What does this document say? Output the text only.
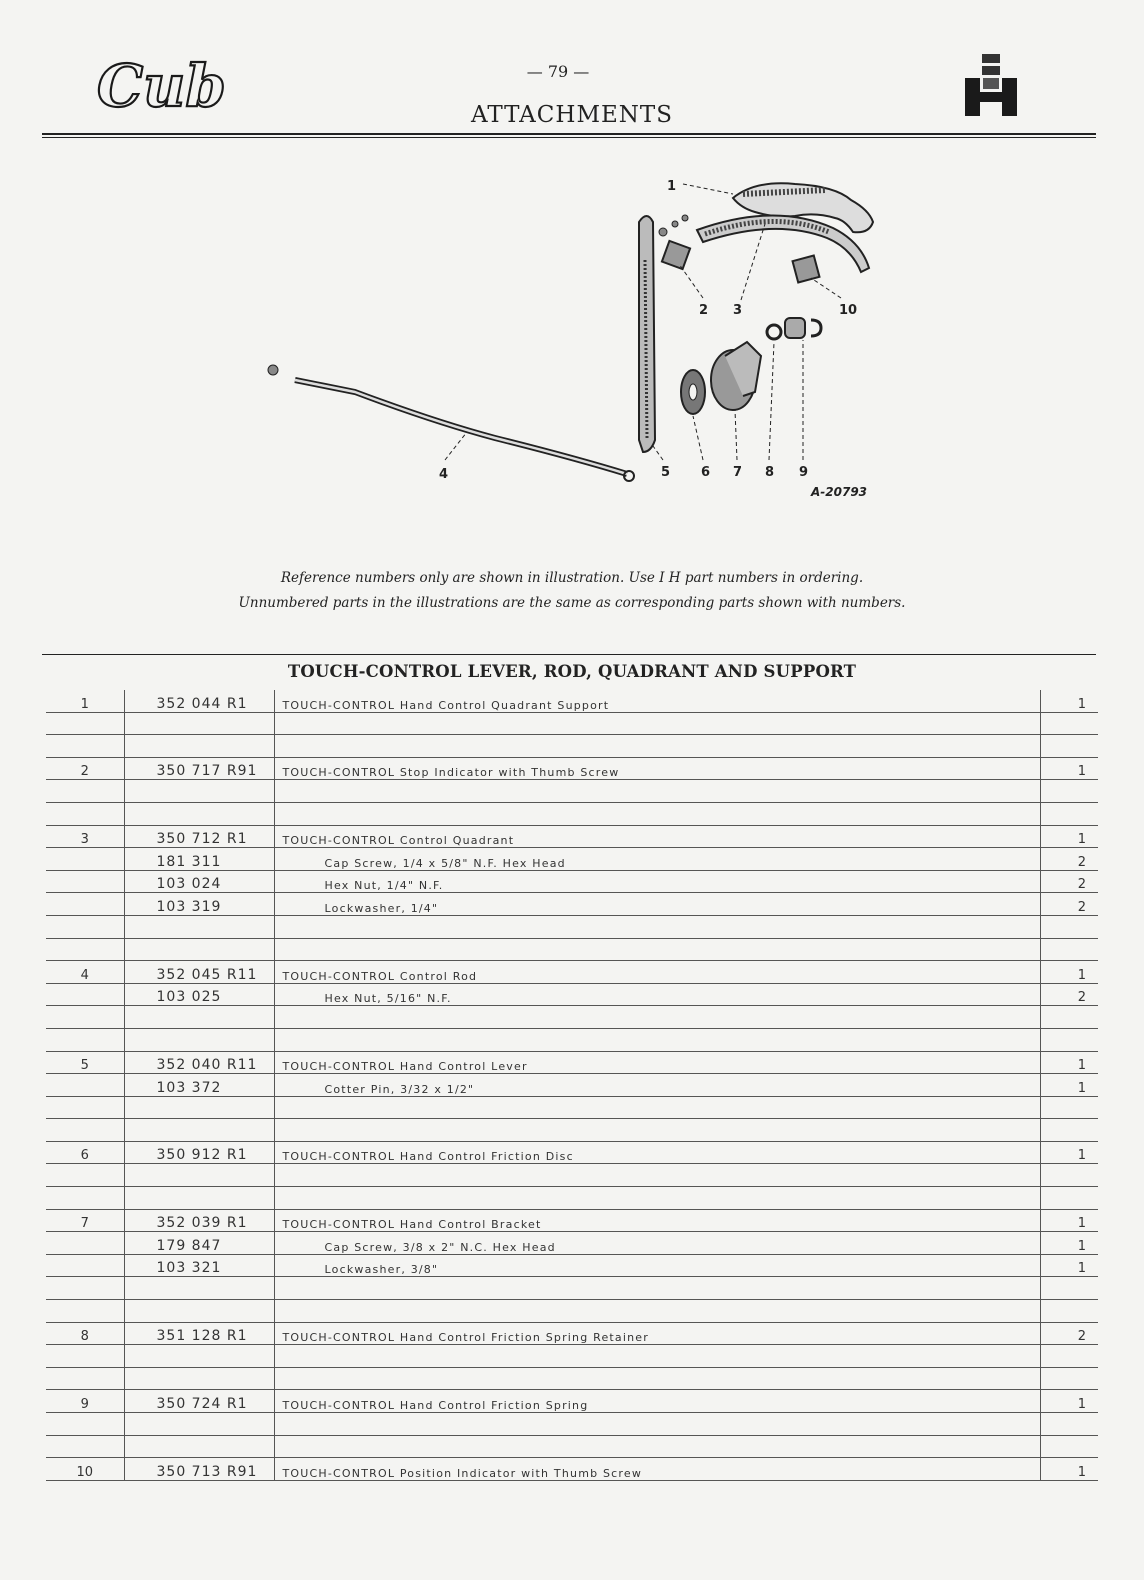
Cub	— 79 —
ATTACHMENTS	IH
1
2 3
4	5 6 7 8 9
10
A-20793
Reference numbers only are shown in illustration. Use I H part numbers in ordering.
Unnumbered parts in the illustrations are the same as corresponding parts shown with numbers.
TOUCH-CONTROL LEVER, ROD, QUADRANT AND SUPPORT
1	352 044 R1	TOUCH-CONTROL Hand Control Quadrant Support	1

2	350 717 R91	TOUCH-CONTROL Stop Indicator with Thumb Screw	1

3	350 712 R1	TOUCH-CONTROL Control Quadrant	1
	181 311	Cap Screw, 1/4 x 5/8" N.F. Hex Head	2
	103 024	Hex Nut, 1/4" N.F.	2
	103 319	Lockwasher, 1/4"	2

4	352 045 R11	TOUCH-CONTROL Control Rod	1
	103 025	Hex Nut, 5/16" N.F.	2

5	352 040 R11	TOUCH-CONTROL Hand Control Lever	1
	103 372	Cotter Pin, 3/32 x 1/2"	1

6	350 912 R1	TOUCH-CONTROL Hand Control Friction Disc	1

7	352 039 R1	TOUCH-CONTROL Hand Control Bracket	1
	179 847	Cap Screw, 3/8 x 2" N.C. Hex Head	1
	103 321	Lockwasher, 3/8"	1

8	351 128 R1	TOUCH-CONTROL Hand Control Friction Spring Retainer	2

9	350 724 R1	TOUCH-CONTROL Hand Control Friction Spring	1

10	350 713 R91	TOUCH-CONTROL Position Indicator with Thumb Screw	1
